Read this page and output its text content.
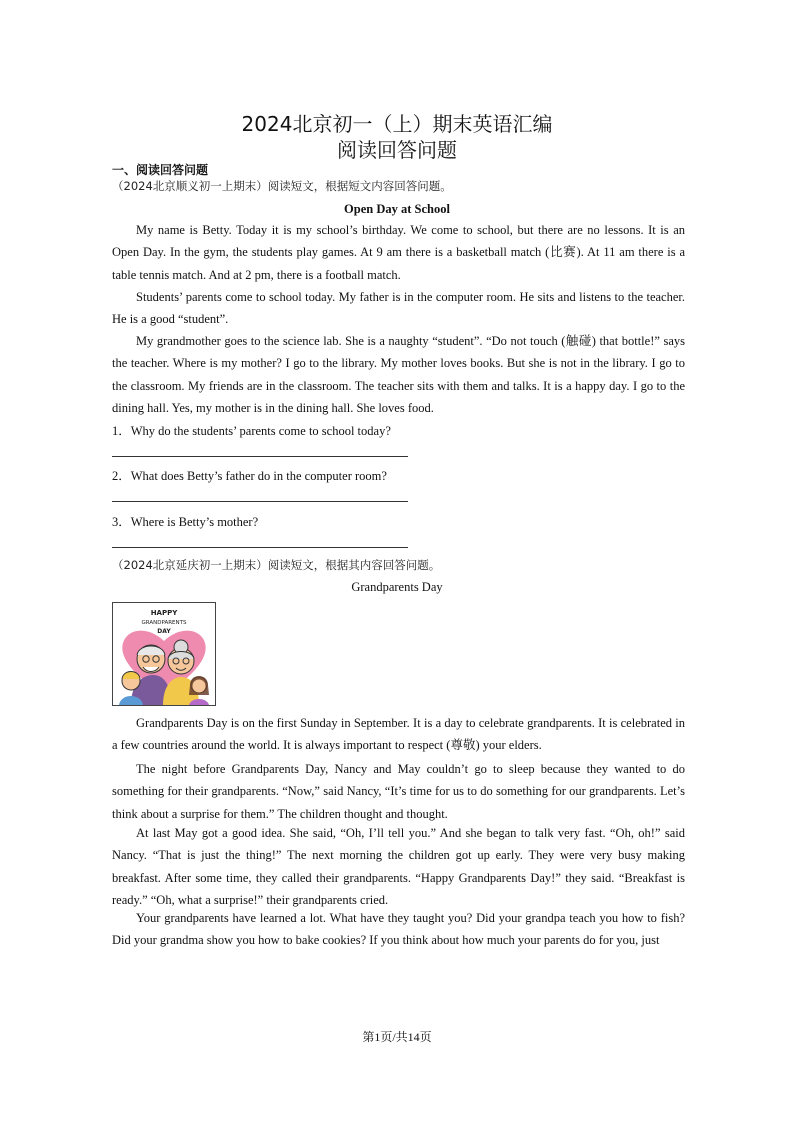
2024北京初一（上）期末英语汇编
阅读回答问题
一、阅读回答问题
（2024北京顺义初一上期末）阅读短文，根据短文内容回答问题。
Open Day at School

My name is Betty. Today it is my school’s birthday. We come to school, but there are no lessons. It is an Open Day. In the gym, the students play games. At 9 am there is a basketball match (比赛). At 11 am there is a table tennis match. And at 2 pm, there is a football match.

Students’ parents come to school today. My father is in the computer room. He sits and listens to the teacher. He is a good “student”.

My grandmother goes to the science lab. She is a naughty “student”. “Do not touch (触碰) that bottle!” says the teacher. Where is my mother? I go to the library. My mother loves books. But she is not in the library. I go to the classroom. My friends are in the classroom. The teacher sits with them and talks. It is a happy day. I go to the dining hall. Yes, my mother is in the dining hall. She loves food.

1．Why do the students’ parents come to school today?
2．What does Betty’s father do in the computer room?
3．Where is Betty’s mother?
（2024北京延庆初一上期末）阅读短文，根据其内容回答问题。
Grandparents Day
HAPPY
GRANDPARENTS
DAY

Grandparents Day is on the first Sunday in September. It is a day to celebrate grandparents. It is celebrated in a few countries around the world. It is always important to respect (尊敬) your elders.

The night before Grandparents Day, Nancy and May couldn’t go to sleep because they wanted to do something for their grandparents. “Now,” said Nancy, “It’s time for us to do something for our grandparents. Let’s think about a surprise for them.” The children thought and thought.

At last May got a good idea. She said, “Oh, I’ll tell you.” And she began to talk very fast. “Oh, oh!” said Nancy. “That is just the thing!” The next morning the children got up early. They were very busy making breakfast. After some time, they called their grandparents. “Happy Grandparents Day!” they said. “Breakfast is ready.” “Oh, what a surprise!” their grandparents cried.

Your grandparents have learned a lot. What have they taught you? Did your grandpa teach you how to fish? Did your grandma show you how to bake cookies? If you think about how much your parents do for you, just

第1页/共14页
